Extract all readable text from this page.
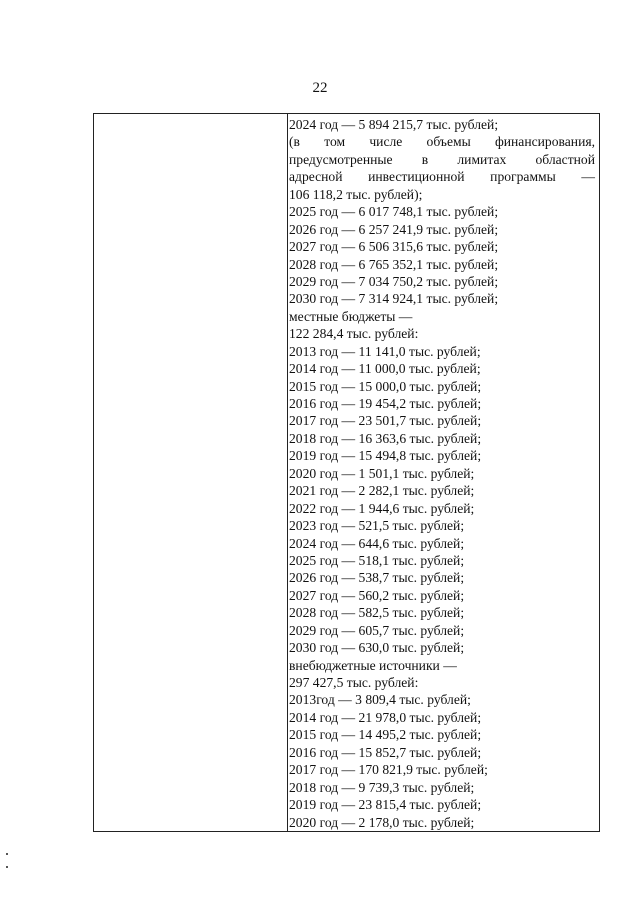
22
2024 год — 5 894 215,7 тыс. рублей;
(в том числе объемы финансирования,
предусмотренные в лимитах областной
адресной инвестиционной программы —
106 118,2 тыс. рублей);
2025 год — 6 017 748,1 тыс. рублей;
2026 год — 6 257 241,9 тыс. рублей;
2027 год — 6 506 315,6 тыс. рублей;
2028 год — 6 765 352,1 тыс. рублей;
2029 год — 7 034 750,2 тыс. рублей;
2030 год — 7 314 924,1 тыс. рублей;
местные бюджеты —
122 284,4 тыс. рублей:
2013 год — 11 141,0 тыс. рублей;
2014 год — 11 000,0 тыс. рублей;
2015 год — 15 000,0 тыс. рублей;
2016 год — 19 454,2 тыс. рублей;
2017 год — 23 501,7 тыс. рублей;
2018 год — 16 363,6 тыс. рублей;
2019 год — 15 494,8 тыс. рублей;
2020 год — 1 501,1 тыс. рублей;
2021 год — 2 282,1 тыс. рублей;
2022 год — 1 944,6 тыс. рублей;
2023 год — 521,5 тыс. рублей;
2024 год — 644,6 тыс. рублей;
2025 год — 518,1 тыс. рублей;
2026 год — 538,7 тыс. рублей;
2027 год — 560,2 тыс. рублей;
2028 год — 582,5 тыс. рублей;
2029 год — 605,7 тыс. рублей;
2030 год — 630,0 тыс. рублей;
внебюджетные источники —
297 427,5 тыс. рублей:
2013год — 3 809,4 тыс. рублей;
2014 год — 21 978,0 тыс. рублей;
2015 год — 14 495,2 тыс. рублей;
2016 год — 15 852,7 тыс. рублей;
2017 год — 170 821,9 тыс. рублей;
2018 год — 9 739,3 тыс. рублей;
2019 год — 23 815,4 тыс. рублей;
2020 год — 2 178,0 тыс. рублей;
